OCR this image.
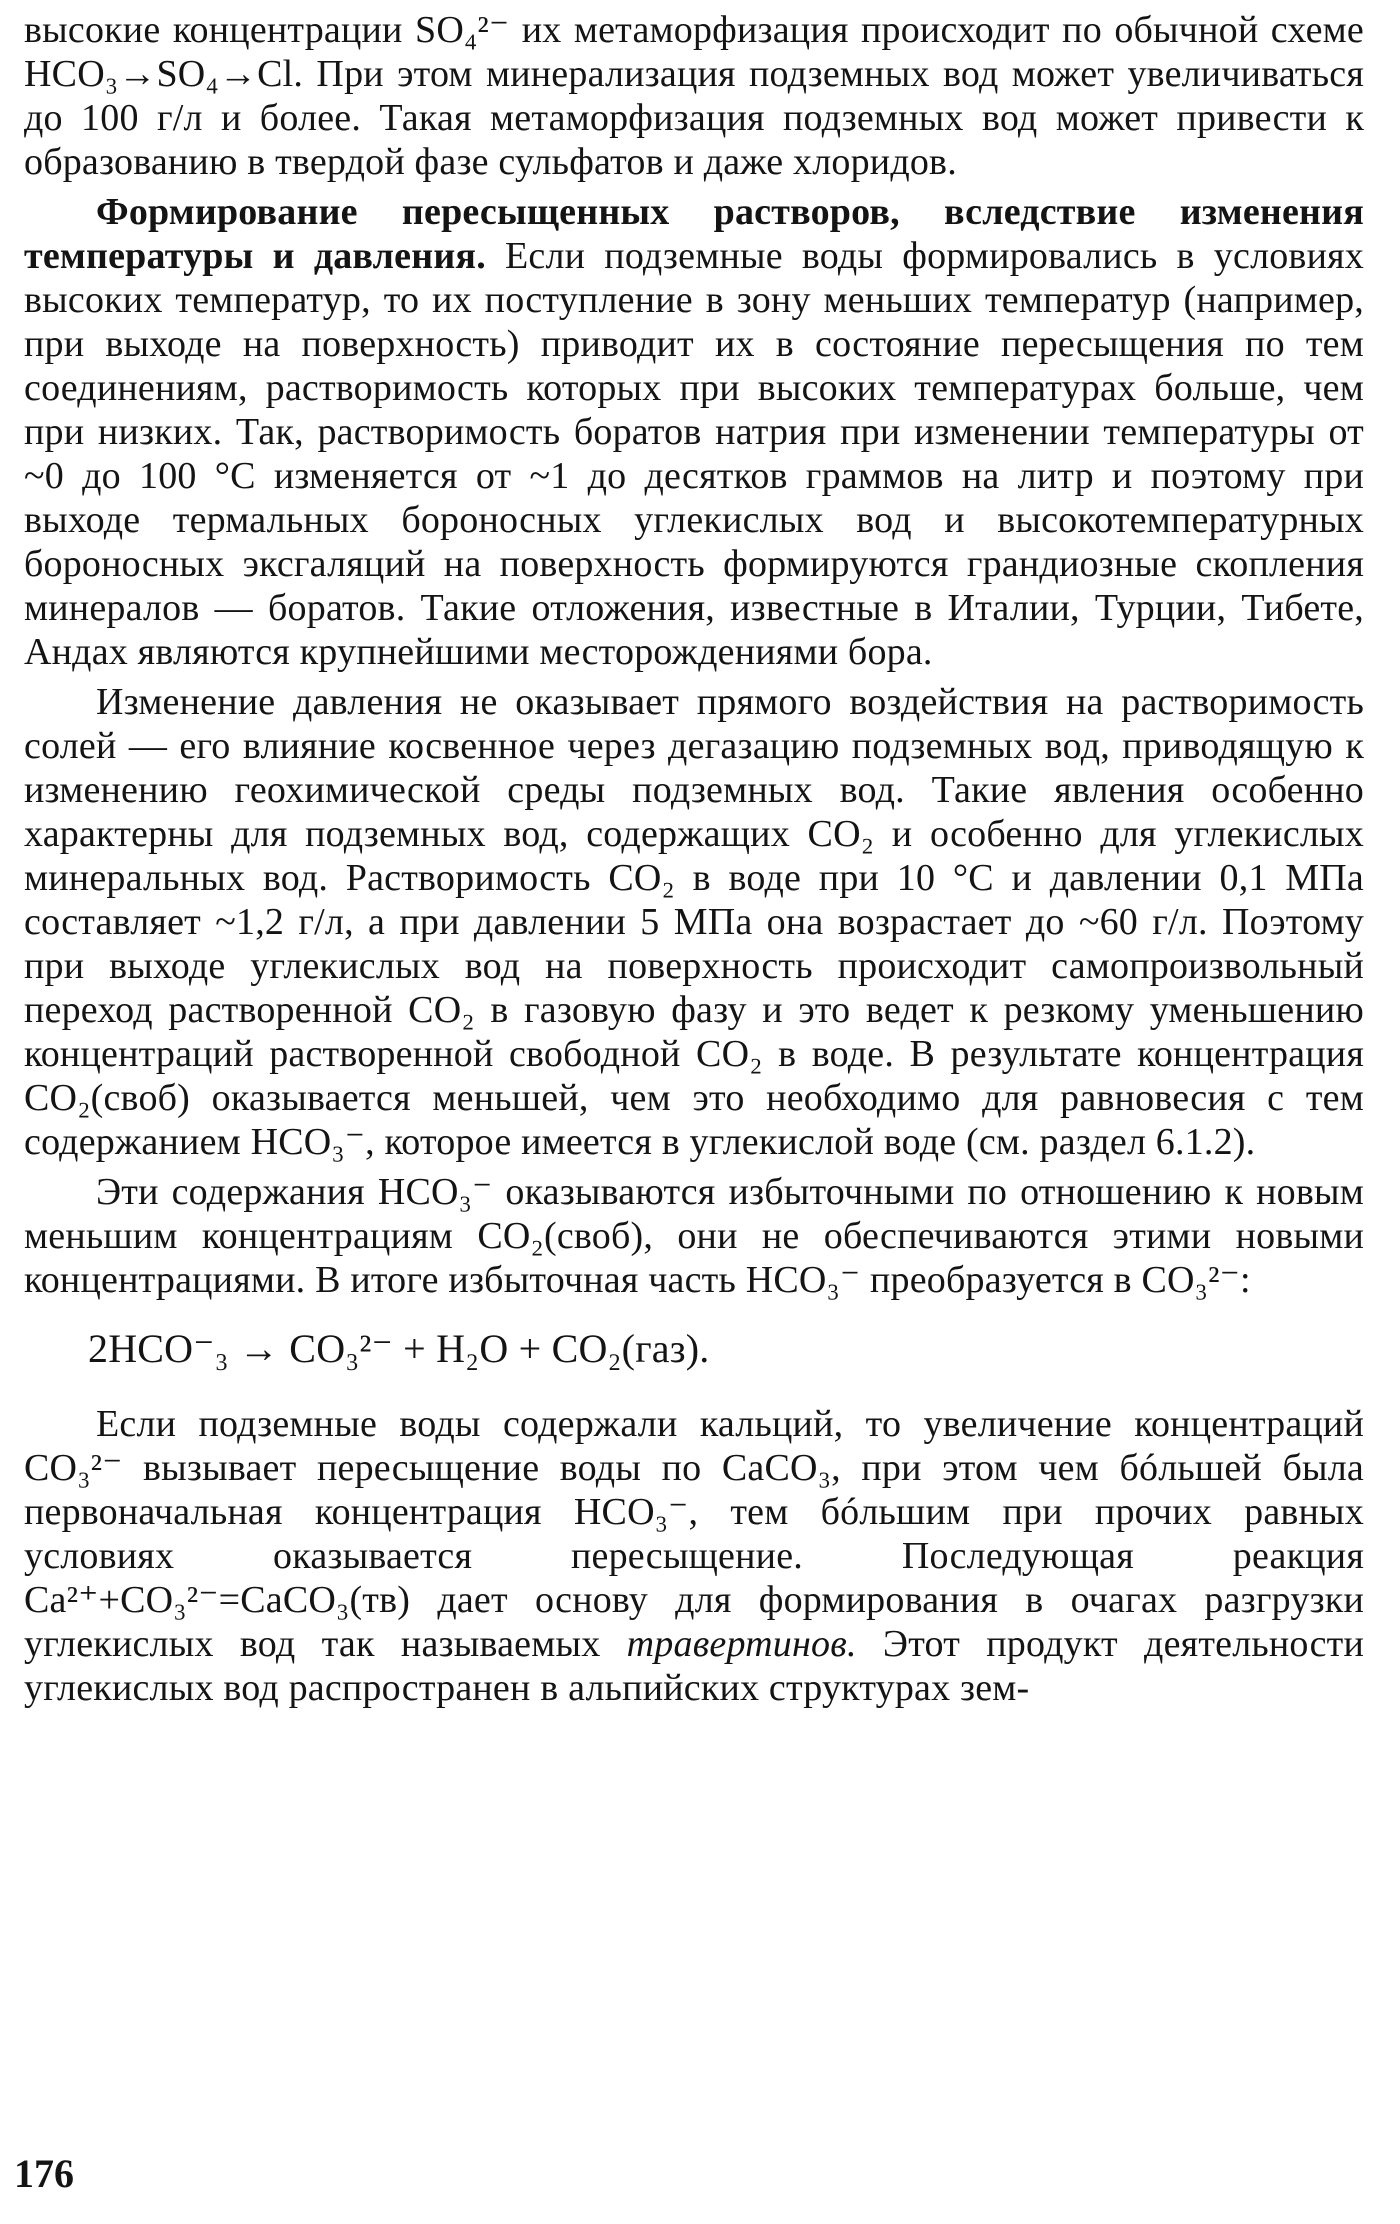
высокие концентрации SO₄²⁻ их метаморфизация происходит по обычной схеме HCO₃→SO₄→Cl. При этом минерализация подземных вод может увеличиваться до 100 г/л и более. Такая метаморфизация подземных вод может привести к образованию в твердой фазе сульфатов и даже хлоридов.

Формирование пересыщенных растворов, вследствие изменения температуры и давления. Если подземные воды формировались в условиях высоких температур, то их поступление в зону меньших температур (например, при выходе на поверхность) приводит их в состояние пересыщения по тем соединениям, растворимость которых при высоких температурах больше, чем при низких. Так, растворимость боратов натрия при изменении температуры от ~0 до 100 °C изменяется от ~1 до десятков граммов на литр и поэтому при выходе термальных бороносных углекислых вод и высокотемпературных бороносных эксгаляций на поверхность формируются грандиозные скопления минералов — боратов. Такие отложения, известные в Италии, Турции, Тибете, Андах являются крупнейшими месторождениями бора.

Изменение давления не оказывает прямого воздействия на растворимость солей — его влияние косвенное через дегазацию подземных вод, приводящую к изменению геохимической среды подземных вод. Такие явления особенно характерны для подземных вод, содержащих CO₂ и особенно для углекислых минеральных вод. Растворимость CO₂ в воде при 10 °C и давлении 0,1 МПа составляет ~1,2 г/л, а при давлении 5 МПа она возрастает до ~60 г/л. Поэтому при выходе углекислых вод на поверхность происходит самопроизвольный переход растворенной CO₂ в газовую фазу и это ведет к резкому уменьшению концентраций растворенной свободной CO₂ в воде. В результате концентрация CO₂(своб) оказывается меньшей, чем это необходимо для равновесия с тем содержанием HCO₃⁻, которое имеется в углекислой воде (см. раздел 6.1.2).

Эти содержания HCO₃⁻ оказываются избыточными по отношению к новым меньшим концентрациям CO₂(своб), они не обеспечиваются этими новыми концентрациями. В итоге избыточная часть HCO₃⁻ преобразуется в CO₃²⁻:

2HCO⁻₃ → CO₃²⁻ + H₂O + CO₂(газ).

Если подземные воды содержали кальций, то увеличение концентраций CO₃²⁻ вызывает пересыщение воды по CaCO₃, при этом чем бóльшей была первоначальная концентрация HCO₃⁻, тем бóльшим при прочих равных условиях оказывается пересыщение. Последующая реакция Ca²⁺+CO₃²⁻=CaCO₃(тв) дает основу для формирования в очагах разгрузки углекислых вод так называемых травертинов. Этот продукт деятельности углекислых вод распространен в альпийских структурах зем-

176
